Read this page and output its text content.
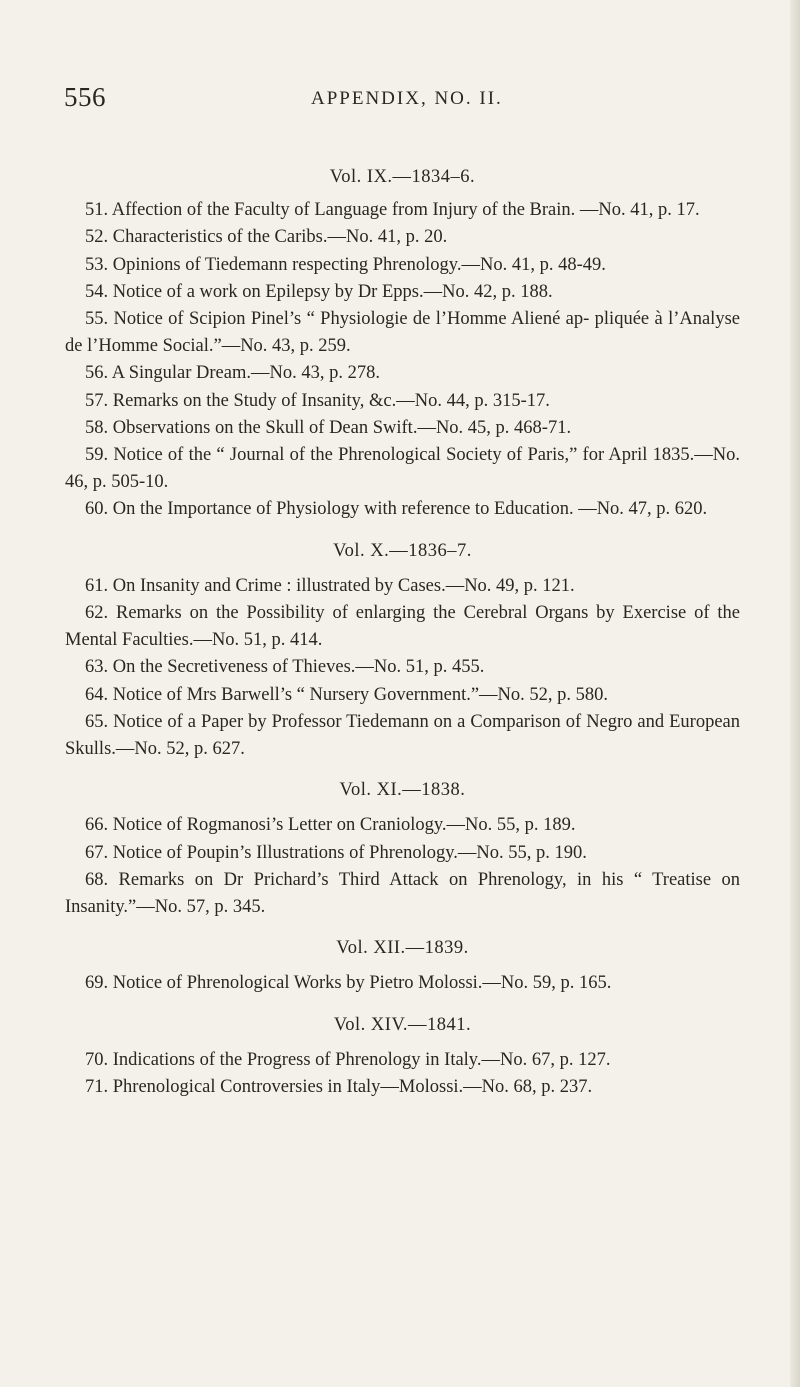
556	APPENDIX, NO. II.
Vol. IX.—1834–6.

51. Affection of the Faculty of Language from Injury of the Brain. —No. 41, p. 17.

52. Characteristics of the Caribs.—No. 41, p. 20.

53. Opinions of Tiedemann respecting Phrenology.—No. 41, p. 48-49.

54. Notice of a work on Epilepsy by Dr Epps.—No. 42, p. 188.

55. Notice of Scipion Pinel’s “ Physiologie de l’Homme Aliené ap- pliquée à l’Analyse de l’Homme Social.”—No. 43, p. 259.

56. A Singular Dream.—No. 43, p. 278.

57. Remarks on the Study of Insanity, &c.—No. 44, p. 315-17.

58. Observations on the Skull of Dean Swift.—No. 45, p. 468-71.

59. Notice of the “ Journal of the Phrenological Society of Paris,” for April 1835.—No. 46, p. 505-10.

60. On the Importance of Physiology with reference to Education. —No. 47, p. 620.

Vol. X.—1836–7.

61. On Insanity and Crime : illustrated by Cases.—No. 49, p. 121.

62. Remarks on the Possibility of enlarging the Cerebral Organs by Exercise of the Mental Faculties.—No. 51, p. 414.

63. On the Secretiveness of Thieves.—No. 51, p. 455.

64. Notice of Mrs Barwell’s “ Nursery Government.”—No. 52, p. 580.

65. Notice of a Paper by Professor Tiedemann on a Comparison of Negro and European Skulls.—No. 52, p. 627.

Vol. XI.—1838.

66. Notice of Rogmanosi’s Letter on Craniology.—No. 55, p. 189.

67. Notice of Poupin’s Illustrations of Phrenology.—No. 55, p. 190.

68. Remarks on Dr Prichard’s Third Attack on Phrenology, in his “ Treatise on Insanity.”—No. 57, p. 345.

Vol. XII.—1839.

69. Notice of Phrenological Works by Pietro Molossi.—No. 59, p. 165.

Vol. XIV.—1841.

70. Indications of the Progress of Phrenology in Italy.—No. 67, p. 127.

71. Phrenological Controversies in Italy—Molossi.—No. 68, p. 237.
